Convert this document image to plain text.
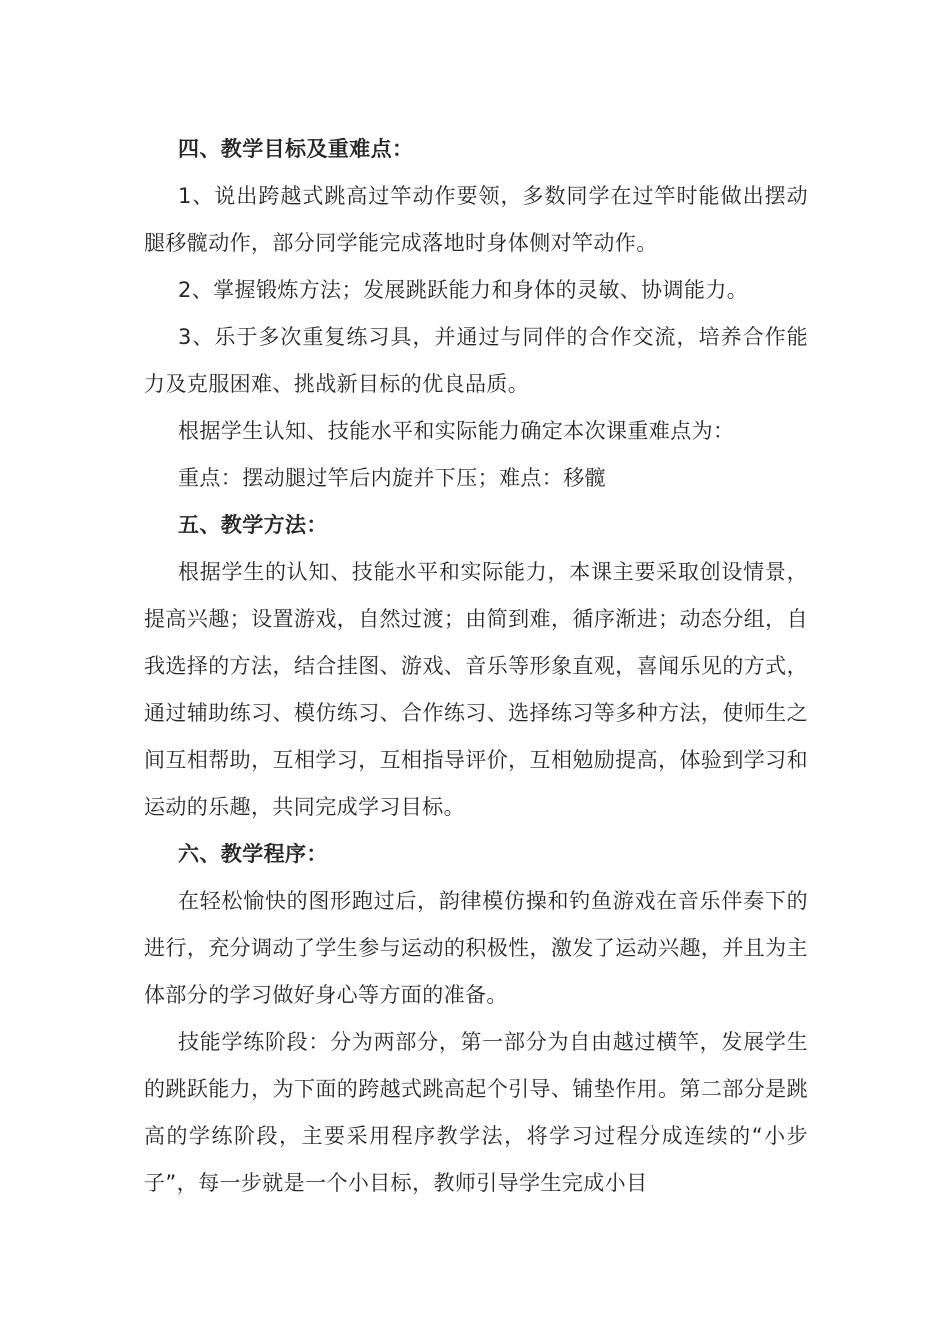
四、教学目标及重难点：

1、说出跨越式跳高过竿动作要领，多数同学在过竿时能做出摆动腿移髋动作，部分同学能完成落地时身体侧对竿动作。

2、掌握锻炼方法；发展跳跃能力和身体的灵敏、协调能力。

3、乐于多次重复练习具，并通过与同伴的合作交流，培养合作能力及克服困难、挑战新目标的优良品质。

根据学生认知、技能水平和实际能力确定本次课重难点为：

重点：摆动腿过竿后内旋并下压；难点：移髋

五、教学方法：

根据学生的认知、技能水平和实际能力，本课主要采取创设情景，提高兴趣；设置游戏，自然过渡；由简到难，循序渐进；动态分组，自我选择的方法，结合挂图、游戏、音乐等形象直观，喜闻乐见的方式，通过辅助练习、模仿练习、合作练习、选择练习等多种方法，使师生之间互相帮助，互相学习，互相指导评价，互相勉励提高，体验到学习和运动的乐趣，共同完成学习目标。

六、教学程序：

在轻松愉快的图形跑过后，韵律模仿操和钓鱼游戏在音乐伴奏下的进行，充分调动了学生参与运动的积极性，激发了运动兴趣，并且为主体部分的学习做好身心等方面的准备。

技能学练阶段：分为两部分，第一部分为自由越过横竿，发展学生的跳跃能力，为下面的跨越式跳高起个引导、铺垫作用。第二部分是跳高的学练阶段，主要采用程序教学法，将学习过程分成连续的“小步子”，每一步就是一个小目标，教师引导学生完成小目
